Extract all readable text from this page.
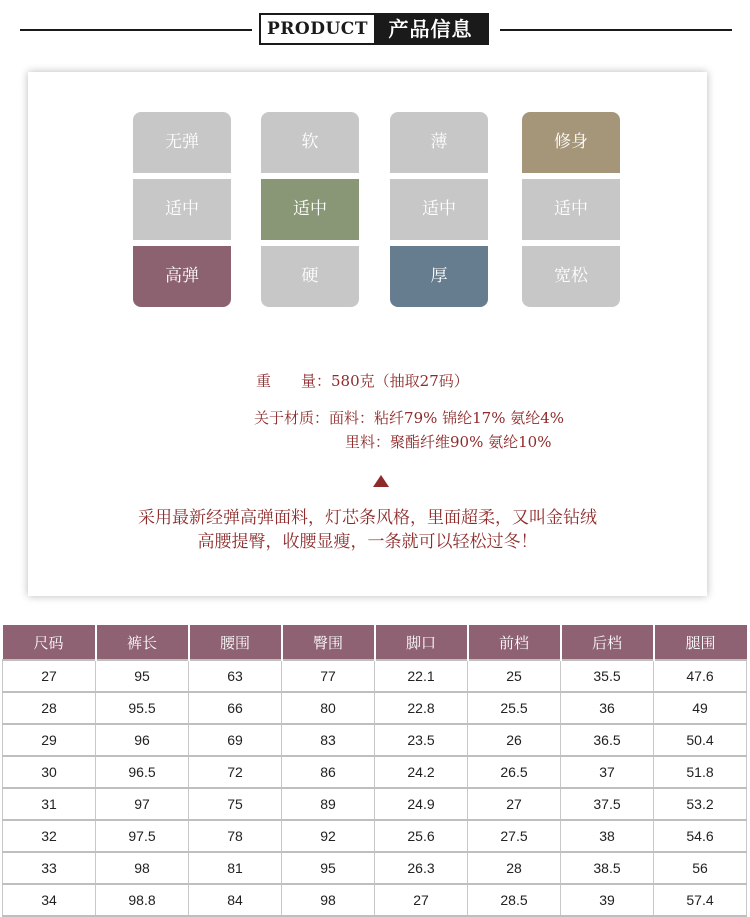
PRODUCT	产品信息
无弹
适中
高弹
软
适中
硬
薄
适中
厚
修身
适中
宽松
重　　量：580克（抽取27码）
关于材质：面料：粘纤79% 锦纶17% 氨纶4%
里料：聚酯纤维90% 氨纶10%
采用最新经弹高弹面料，灯芯条风格，里面超柔，又叫金钻绒
高腰提臀，收腰显瘦，一条就可以轻松过冬！
尺码	裤长	腰围	臀围	脚口	前档	后档	腿围
27	95	63	77	22.1	25	35.5	47.6
28	95.5	66	80	22.8	25.5	36	49
29	96	69	83	23.5	26	36.5	50.4
30	96.5	72	86	24.2	26.5	37	51.8
31	97	75	89	24.9	27	37.5	53.2
32	97.5	78	92	25.6	27.5	38	54.6
33	98	81	95	26.3	28	38.5	56
34	98.8	84	98	27	28.5	39	57.4
